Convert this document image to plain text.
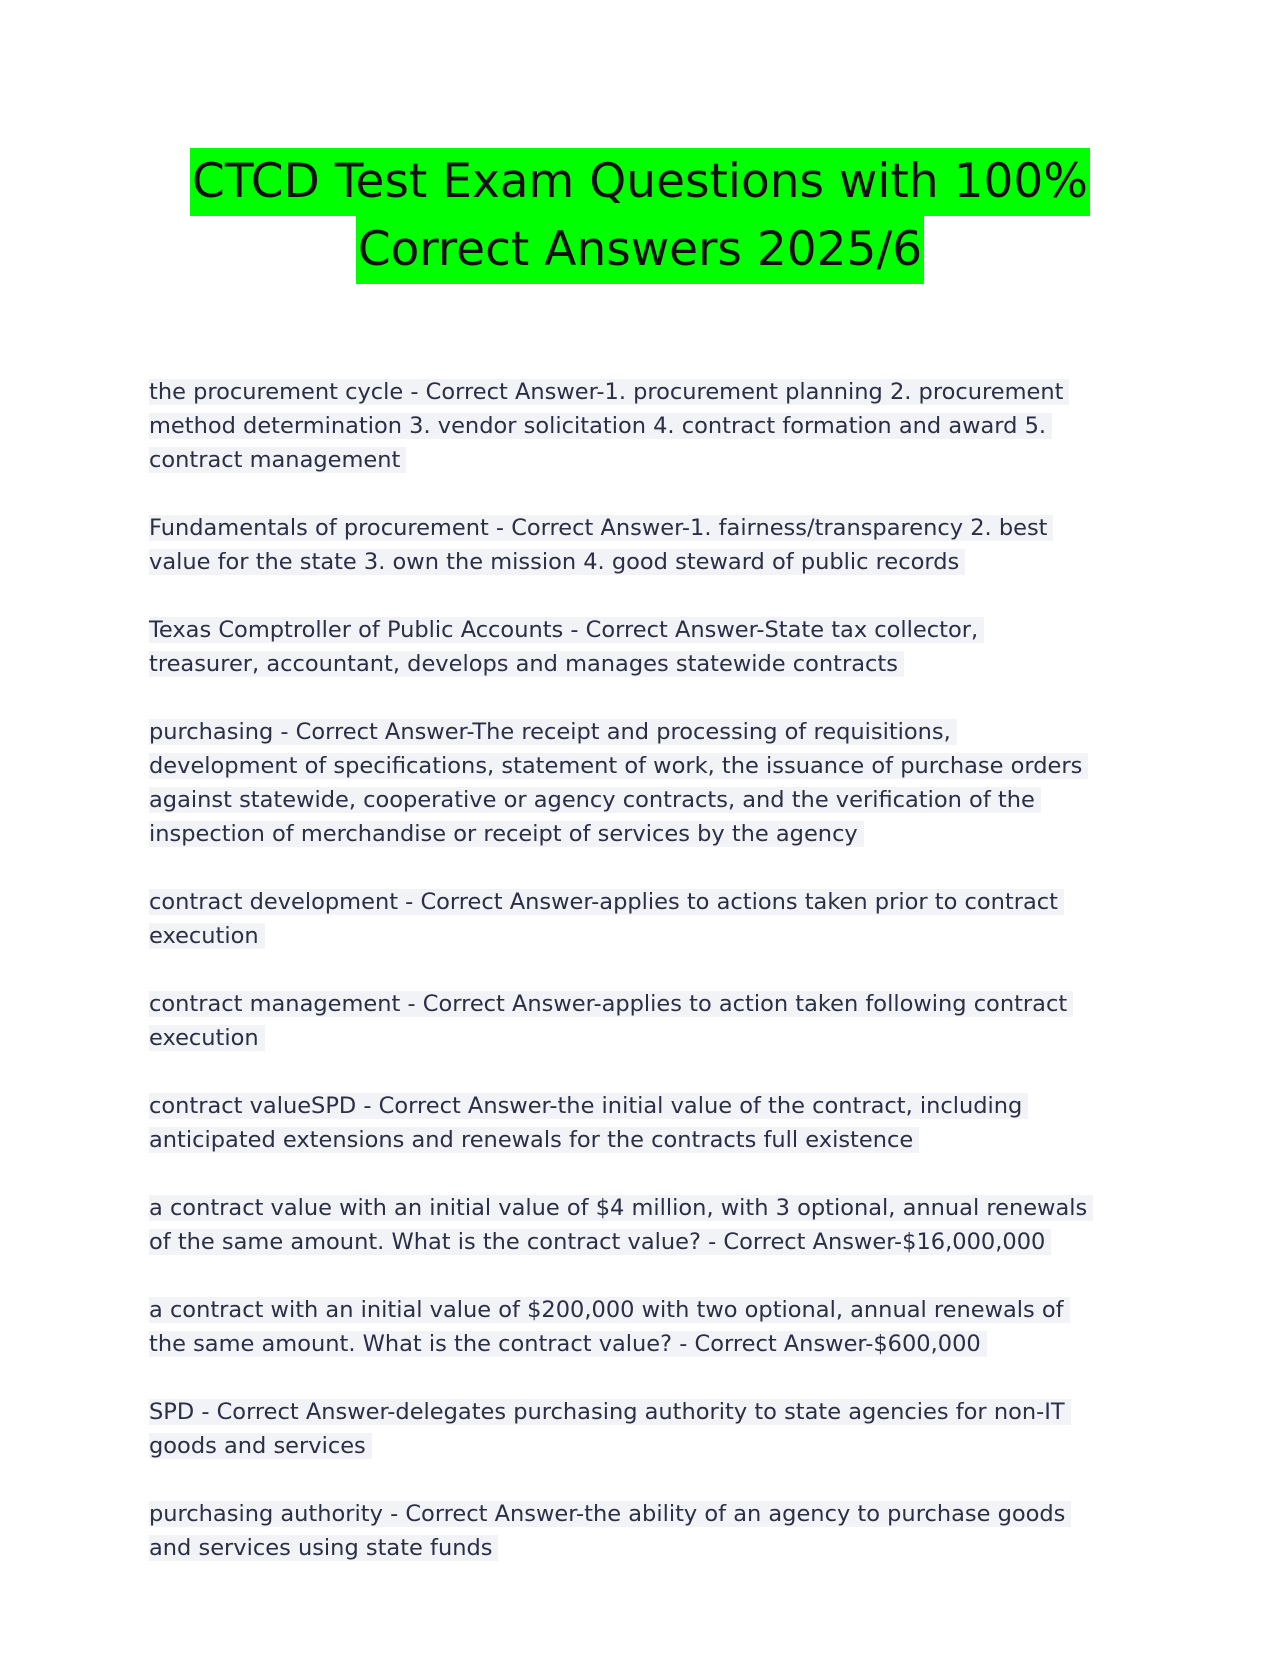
CTCD Test Exam Questions with 100%
Correct Answers 2025/6
the procurement cycle - Correct Answer-1. procurement planning 2. procurement
method determination 3. vendor solicitation 4. contract formation and award 5.
contract management
Fundamentals of procurement - Correct Answer-1. fairness/transparency 2. best
value for the state 3. own the mission 4. good steward of public records
Texas Comptroller of Public Accounts - Correct Answer-State tax collector,
treasurer, accountant, develops and manages statewide contracts
purchasing - Correct Answer-The receipt and processing of requisitions,
development of specifications, statement of work, the issuance of purchase orders
against statewide, cooperative or agency contracts, and the verification of the
inspection of merchandise or receipt of services by the agency
contract development - Correct Answer-applies to actions taken prior to contract
execution
contract management - Correct Answer-applies to action taken following contract
execution
contract valueSPD - Correct Answer-the initial value of the contract, including
anticipated extensions and renewals for the contracts full existence
a contract value with an initial value of $4 million, with 3 optional, annual renewals
of the same amount. What is the contract value? - Correct Answer-$16,000,000
a contract with an initial value of $200,000 with two optional, annual renewals of
the same amount. What is the contract value? - Correct Answer-$600,000
SPD - Correct Answer-delegates purchasing authority to state agencies for non-IT
goods and services
purchasing authority - Correct Answer-the ability of an agency to purchase goods
and services using state funds
